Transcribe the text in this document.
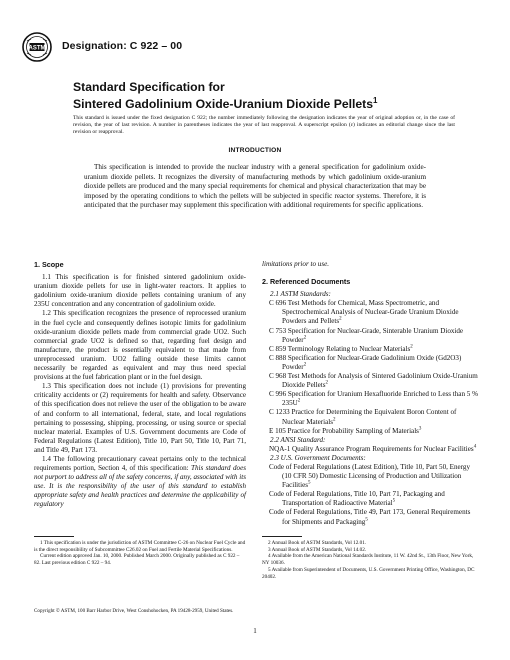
ASTM Designation: C 922 – 00
Standard Specification for
Sintered Gadolinium Oxide-Uranium Dioxide Pellets$^1$
This standard is issued under the fixed designation C 922; the number immediately following the designation indicates the year of original adoption or, in the case of revision, the year of last revision. A number in parentheses indicates the year of last reapproval. A superscript epsilon (ε) indicates an editorial change since the last revision or reapproval.
INTRODUCTION
This specification is intended to provide the nuclear industry with a general specification for gadolinium oxide-uranium dioxide pellets. It recognizes the diversity of manufacturing methods by which gadolinium oxide-uranium dioxide pellets are produced and the many special requirements for chemical and physical characterization that may be imposed by the operating conditions to which the pellets will be subjected in specific reactor systems. Therefore, it is anticipated that the purchaser may supplement this specification with additional requirements for specific applications.
1. Scope

1.1 This specification is for finished sintered gadolinium oxide-uranium dioxide pellets for use in light-water reactors. It applies to gadolinium oxide-uranium dioxide pellets containing uranium of any 235U concentration and any concentration of gadolinium oxide.

1.2 This specification recognizes the presence of reprocessed uranium in the fuel cycle and consequently defines isotopic limits for gadolinium oxide-uranium dioxide pellets made from commercial grade UO2. Such commercial grade UO2 is defined so that, regarding fuel design and manufacture, the product is essentially equivalent to that made from unreprocessed uranium. UO2 falling outside these limits cannot necessarily be regarded as equivalent and may thus need special provisions at the fuel fabrication plant or in the fuel design.

1.3 This specification does not include (1) provisions for preventing criticality accidents or (2) requirements for health and safety. Observance of this specification does not relieve the user of the obligation to be aware of and conform to all international, federal, state, and local regulations pertaining to possessing, shipping, processing, or using source or special nuclear material. Examples of U.S. Government documents are Code of Federal Regulations (Latest Edition), Title 10, Part 50, Title 10, Part 71, and Title 49, Part 173.

1.4 The following precautionary caveat pertains only to the technical requirements portion, Section 4, of this specification: This standard does not purport to address all of the safety concerns, if any, associated with its use. It is the responsibility of the user of this standard to establish appropriate safety and health practices and determine the applicability of regulatory

limitations prior to use.

2. Referenced Documents
2.1 ASTM Standards:
C 696 Test Methods for Chemical, Mass Spectrometric, and Spectrochemical Analysis of Nuclear-Grade Uranium Dioxide Powders and Pellets$^2$
C 753 Specification for Nuclear-Grade, Sinterable Uranium Dioxide Powder$^2$
C 859 Terminology Relating to Nuclear Materials$^2$
C 888 Specification for Nuclear-Grade Gadolinium Oxide (Gd2O3) Powder$^2$
C 968 Test Methods for Analysis of Sintered Gadolinium Oxide-Uranium Dioxide Pellets$^2$
C 996 Specification for Uranium Hexafluoride Enriched to Less than 5 % $235U^2$
C 1233 Practice for Determining the Equivalent Boron Content of Nuclear Materials$^2$
E 105 Practice for Probability Sampling of Materials$^3$
2.2 ANSI Standard:
NQA-1 Quality Assurance Program Requirements for Nuclear Facilities$^4$
2.3 U.S. Government Documents:
Code of Federal Regulations (Latest Edition), Title 10, Part 50, Energy (10 CFR 50) Domestic Licensing of Production and Utilization Facilities$^5$
Code of Federal Regulations, Title 10, Part 71, Packaging and Transportation of Radioactive Material$^5$
Code of Federal Regulations, Title 49, Part 173, General Requirements for Shipments and Packaging$^5$

1 This specification is under the jurisdiction of ASTM Committee C-26 on Nuclear Fuel Cycle and is the direct responsibility of Subcommittee C26.02 on Fuel and Fertile Material Specifications.

Current edition approved Jan. 10, 2000. Published March 2000. Originally published as C 922 – 82. Last previous edition C 922 – 94.

2 Annual Book of ASTM Standards, Vol 12.01.

3 Annual Book of ASTM Standards, Vol 14.02.

4 Available from the American National Standards Institute, 11 W. 42nd St., 13th Floor, New York, NY 10036.

5 Available from Superintendent of Documents, U.S. Government Printing Office, Washington, DC 20402.

Copyright © ASTM, 100 Barr Harbor Drive, West Conshohocken, PA 19428-2959, United States.
1
